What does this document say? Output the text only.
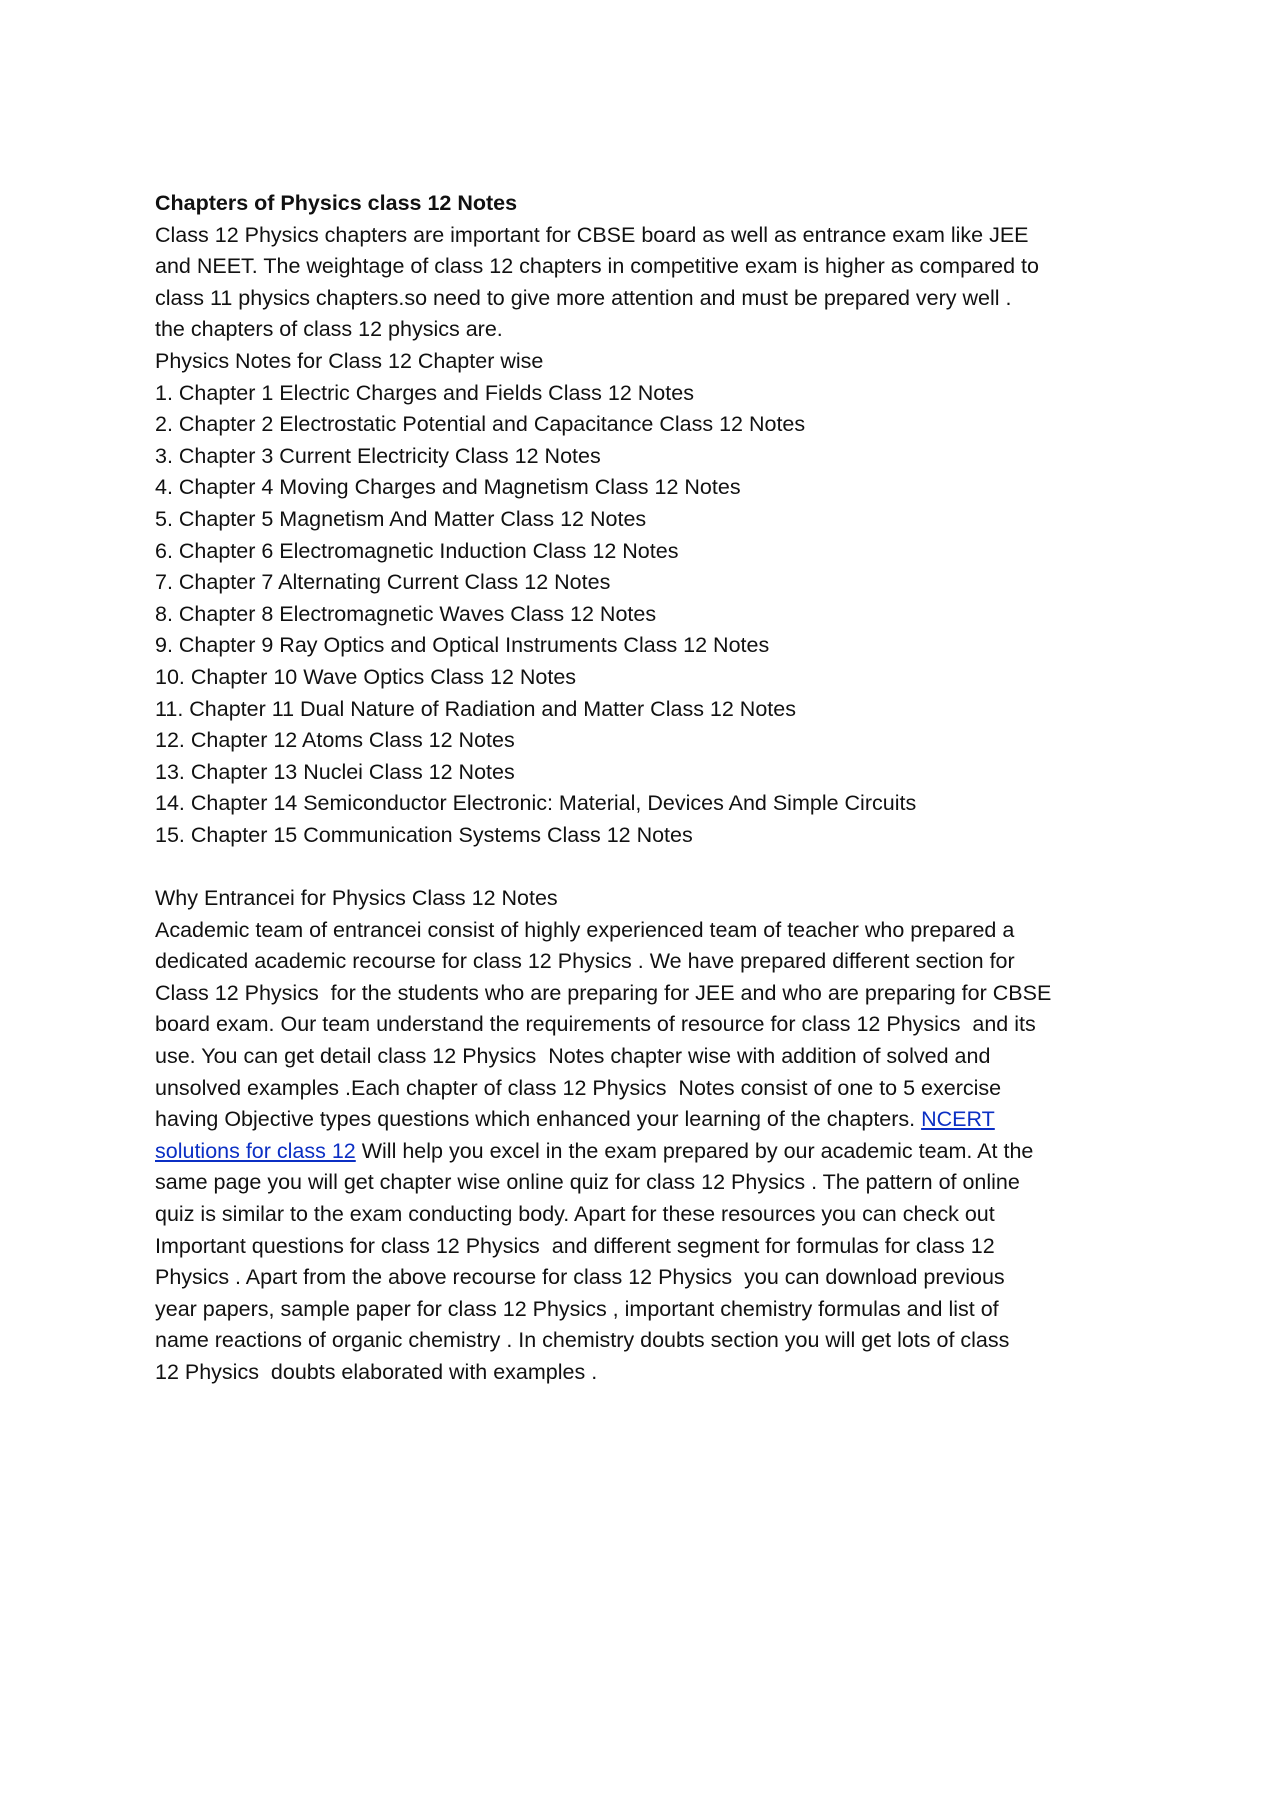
Chapters of Physics class 12 Notes
Class 12 Physics chapters are important for CBSE board as well as entrance exam like JEE
and NEET. The weightage of class 12 chapters in competitive exam is higher as compared to
class 11 physics chapters.so need to give more attention and must be prepared very well .
the chapters of class 12 physics are.
Physics Notes for Class 12 Chapter wise
1. Chapter 1 Electric Charges and Fields Class 12 Notes
2. Chapter 2 Electrostatic Potential and Capacitance Class 12 Notes
3. Chapter 3 Current Electricity Class 12 Notes
4. Chapter 4 Moving Charges and Magnetism Class 12 Notes
5. Chapter 5 Magnetism And Matter Class 12 Notes
6. Chapter 6 Electromagnetic Induction Class 12 Notes
7. Chapter 7 Alternating Current Class 12 Notes
8. Chapter 8 Electromagnetic Waves Class 12 Notes
9. Chapter 9 Ray Optics and Optical Instruments Class 12 Notes
10. Chapter 10 Wave Optics Class 12 Notes
11. Chapter 11 Dual Nature of Radiation and Matter Class 12 Notes
12. Chapter 12 Atoms Class 12 Notes
13. Chapter 13 Nuclei Class 12 Notes
14. Chapter 14 Semiconductor Electronic: Material, Devices And Simple Circuits
15. Chapter 15 Communication Systems Class 12 Notes
Why Entrancei for Physics Class 12 Notes
Academic team of entrancei consist of highly experienced team of teacher who prepared a
dedicated academic recourse for class 12 Physics . We have prepared different section for
Class 12 Physics  for the students who are preparing for JEE and who are preparing for CBSE
board exam. Our team understand the requirements of resource for class 12 Physics  and its
use. You can get detail class 12 Physics  Notes chapter wise with addition of solved and
unsolved examples .Each chapter of class 12 Physics  Notes consist of one to 5 exercise
having Objective types questions which enhanced your learning of the chapters. NCERT
solutions for class 12 Will help you excel in the exam prepared by our academic team. At the
same page you will get chapter wise online quiz for class 12 Physics . The pattern of online
quiz is similar to the exam conducting body. Apart for these resources you can check out
Important questions for class 12 Physics  and different segment for formulas for class 12
Physics . Apart from the above recourse for class 12 Physics  you can download previous
year papers, sample paper for class 12 Physics , important chemistry formulas and list of
name reactions of organic chemistry . In chemistry doubts section you will get lots of class
12 Physics  doubts elaborated with examples .
